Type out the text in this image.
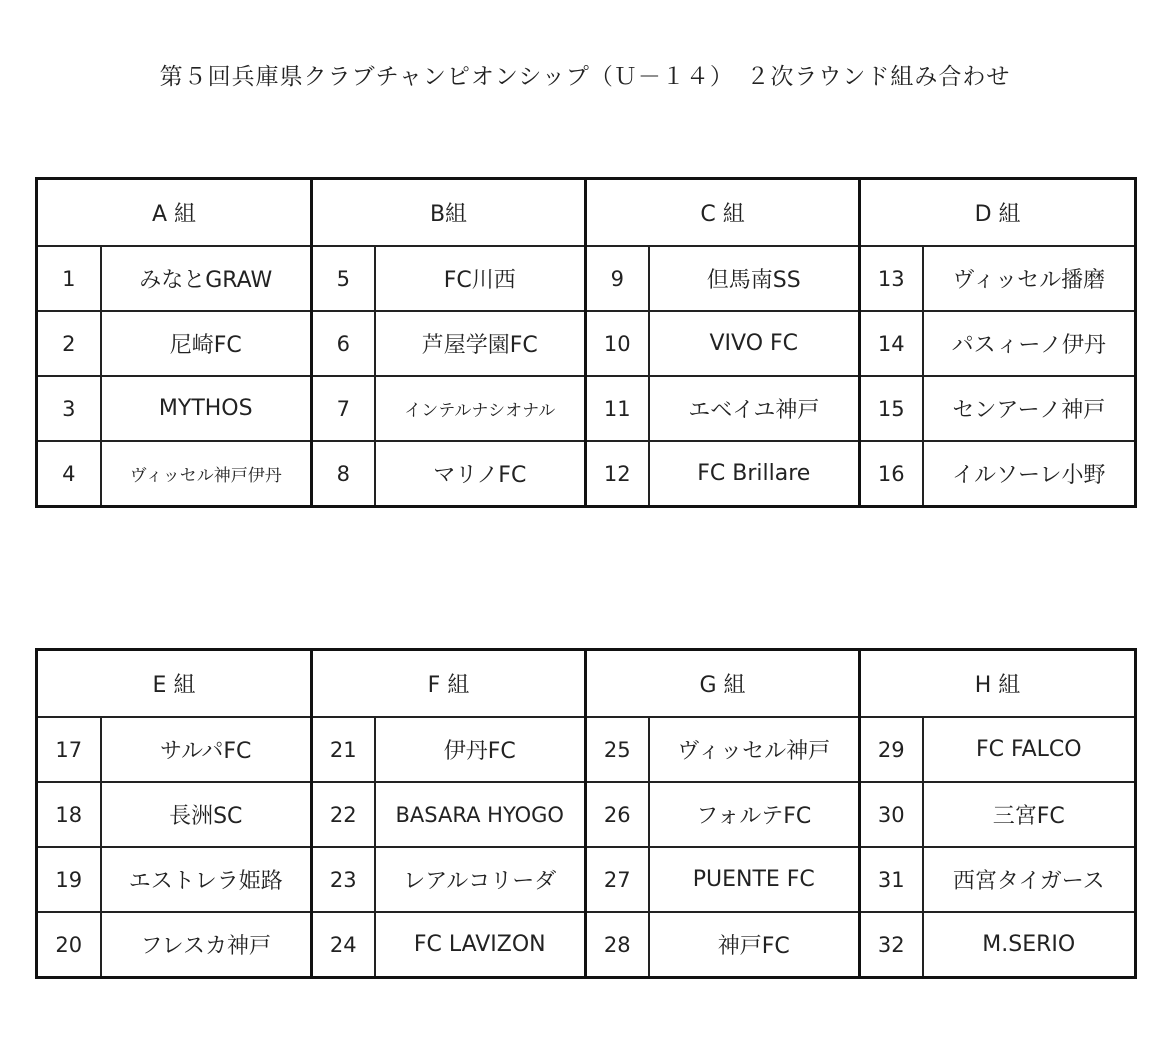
第５回兵庫県クラブチャンピオンシップ（Ｕ－１４）　２次ラウンド組み合わせ
A 組		B組		C 組		D 組	
1	みなとGRAW	5	FC川西	9	但馬南SS	13	ヴィッセル播磨
2	尼崎FC	6	芦屋学園FC	10	VIVO FC	14	パスィーノ伊丹
3	MYTHOS	7	インテルナシオナル	11	エベイユ神戸	15	センアーノ神戸
4	ヴィッセル神戸伊丹	8	マリノFC	12	FC Brillare	16	イルソーレ小野
E 組		F 組		G 組		H 組	
17	サルパFC	21	伊丹FC	25	ヴィッセル神戸	29	FC FALCO
18	長洲SC	22	BASARA HYOGO	26	フォルテFC	30	三宮FC
19	エストレラ姫路	23	レアルコリーダ	27	PUENTE FC	31	西宮タイガース
20	フレスカ神戸	24	FC LAVIZON	28	神戸FC	32	M.SERIO
